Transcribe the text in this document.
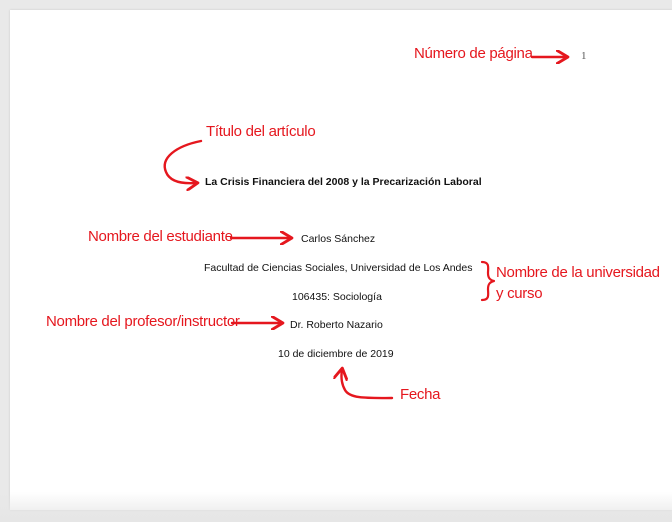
1
La Crisis Financiera del 2008 y la Precarización Laboral
Carlos Sánchez
Facultad de Ciencias Sociales, Universidad de Los Andes
106435: Sociología
Dr. Roberto Nazario
10 de diciembre de 2019
Número de página
Título del artículo
Nombre del estudiante
Nombre de la universidad
y curso
Nombre del profesor/instructor
Fecha
